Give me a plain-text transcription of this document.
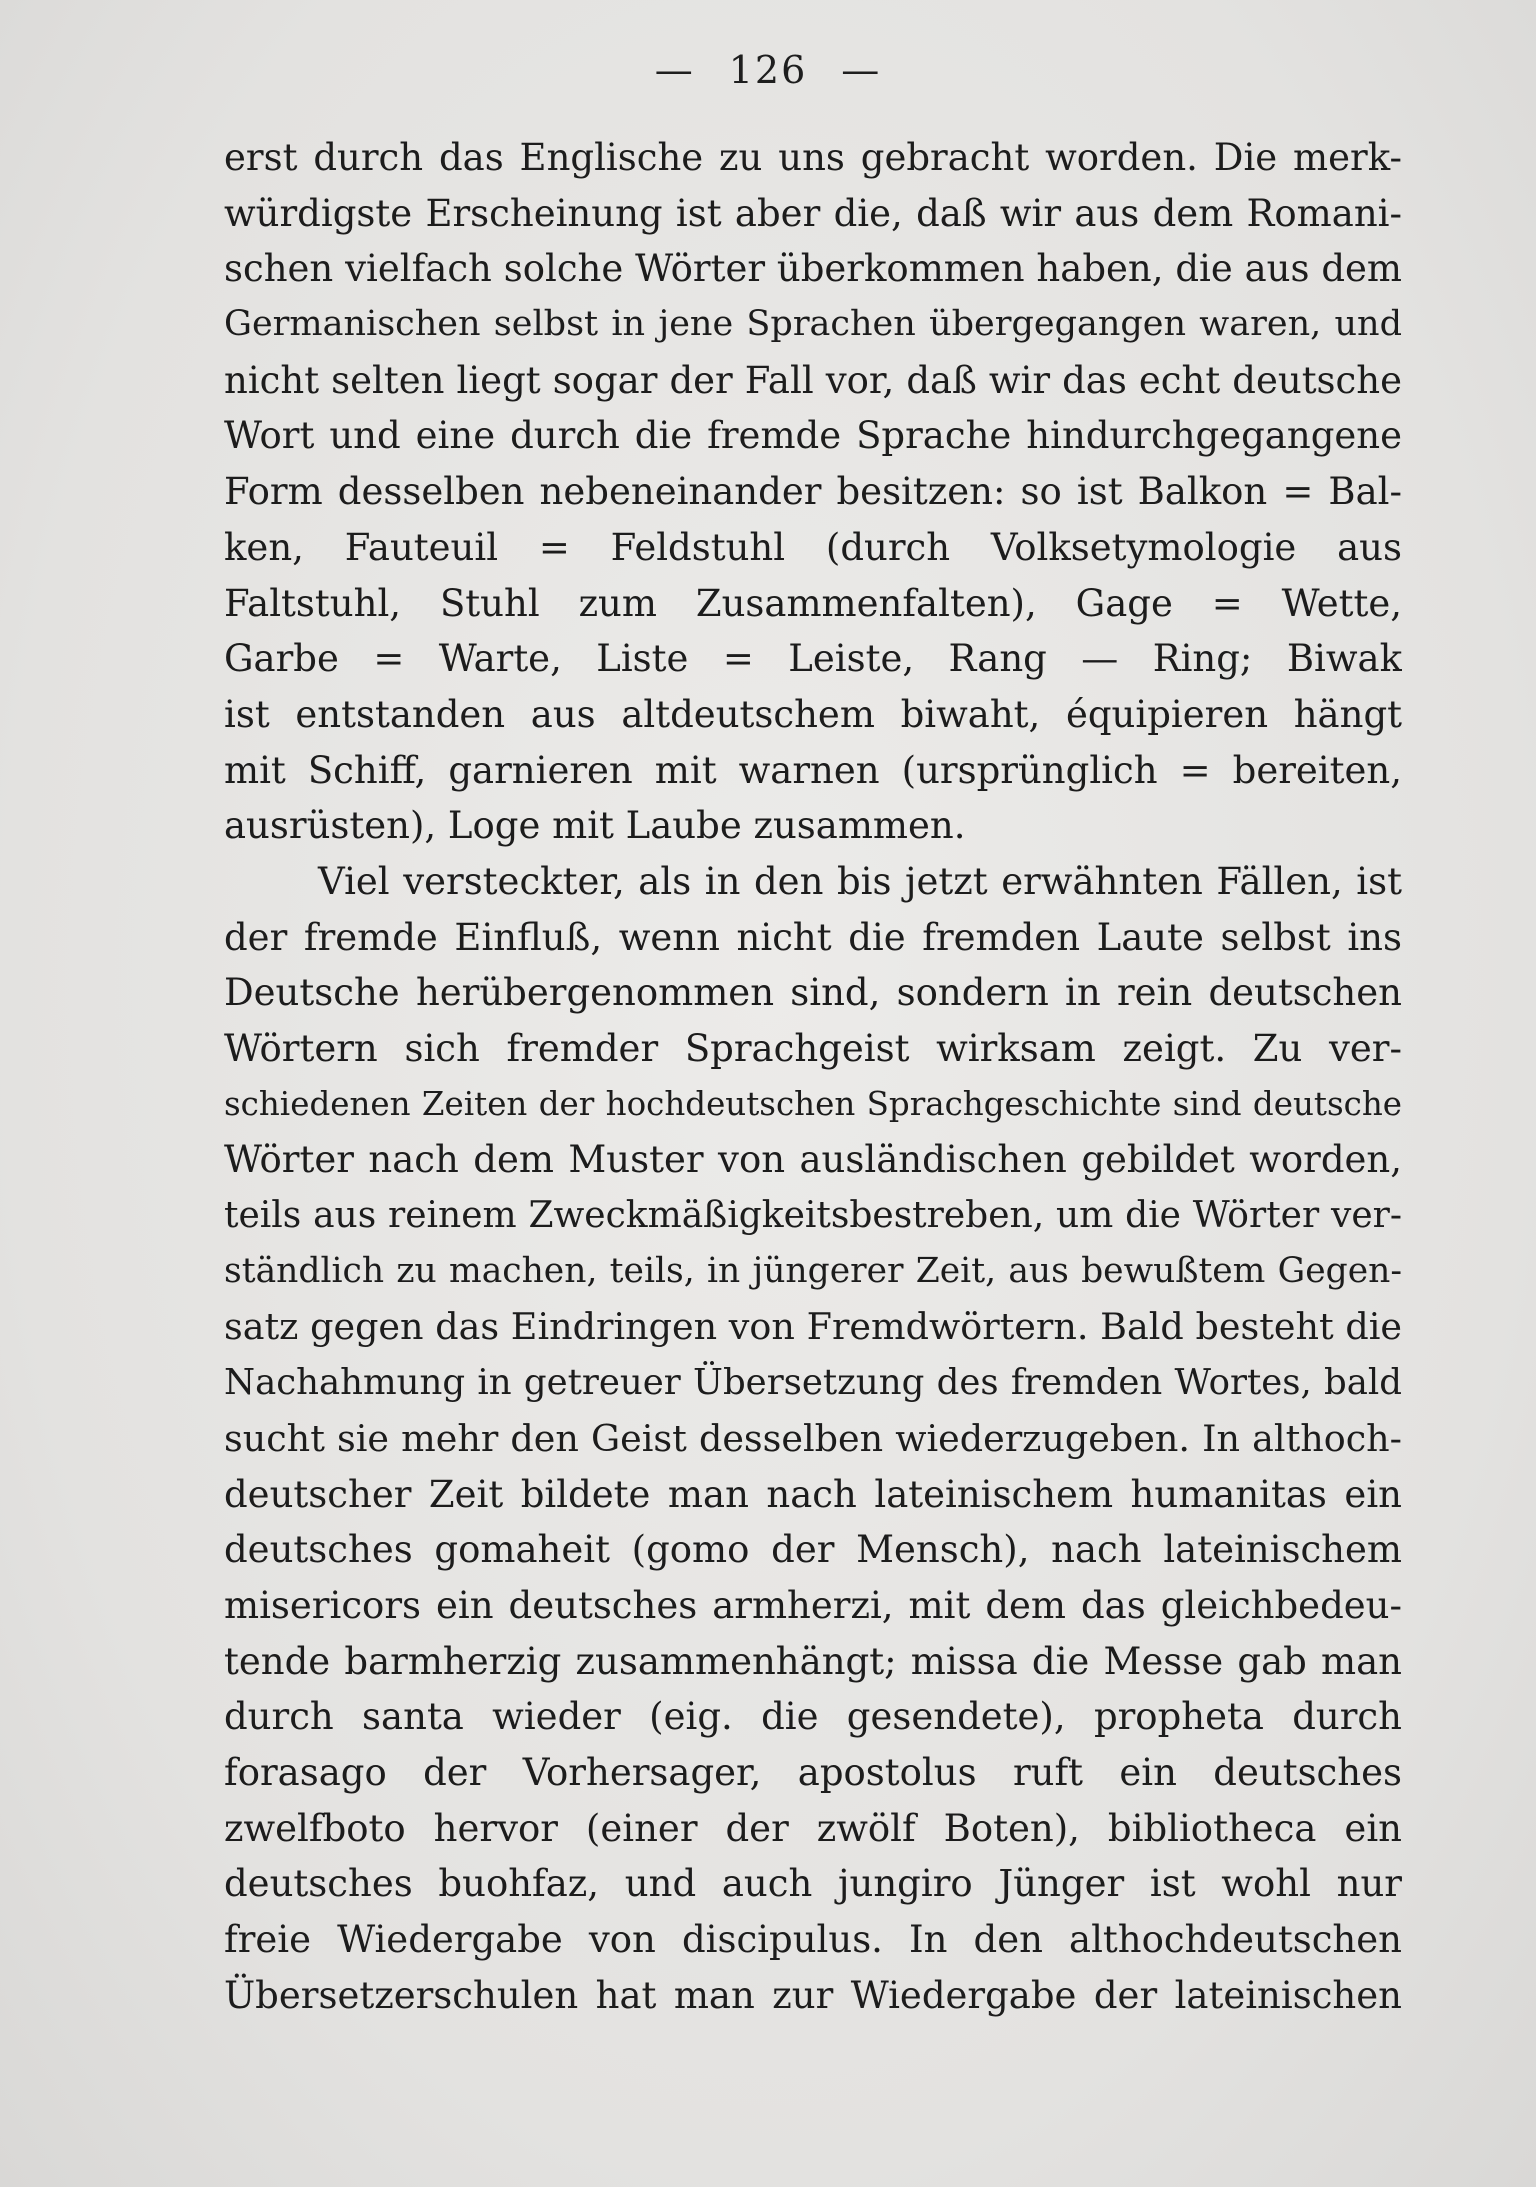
— 126 —
erst durch das Englische zu uns gebracht worden. Die merk-
würdigste Erscheinung ist aber die, daß wir aus dem Romani-
schen vielfach solche Wörter überkommen haben, die aus dem
Germanischen selbst in jene Sprachen übergegangen waren, und
nicht selten liegt sogar der Fall vor, daß wir das echt deutsche
Wort und eine durch die fremde Sprache hindurchgegangene
Form desselben nebeneinander besitzen: so ist Balkon = Bal-
ken, Fauteuil = Feldstuhl (durch Volksetymologie aus
Faltstuhl, Stuhl zum Zusammenfalten), Gage = Wette,
Garbe = Warte, Liste = Leiste, Rang — Ring; Biwak
ist entstanden aus altdeutschem biwaht, équipieren hängt
mit Schiff, garnieren mit warnen (ursprünglich = bereiten,
ausrüsten), Loge mit Laube zusammen.
Viel versteckter, als in den bis jetzt erwähnten Fällen, ist
der fremde Einfluß, wenn nicht die fremden Laute selbst ins
Deutsche herübergenommen sind, sondern in rein deutschen
Wörtern sich fremder Sprachgeist wirksam zeigt. Zu ver-
schiedenen Zeiten der hochdeutschen Sprachgeschichte sind deutsche
Wörter nach dem Muster von ausländischen gebildet worden,
teils aus reinem Zweckmäßigkeitsbestreben, um die Wörter ver-
ständlich zu machen, teils, in jüngerer Zeit, aus bewußtem Gegen-
satz gegen das Eindringen von Fremdwörtern. Bald besteht die
Nachahmung in getreuer Übersetzung des fremden Wortes, bald
sucht sie mehr den Geist desselben wiederzugeben. In althoch-
deutscher Zeit bildete man nach lateinischem humanitas ein
deutsches gomaheit (gomo der Mensch), nach lateinischem
misericors ein deutsches armherzi, mit dem das gleichbedeu-
tende barmherzig zusammenhängt; missa die Messe gab man
durch santa wieder (eig. die gesendete), propheta durch
forasago der Vorhersager, apostolus ruft ein deutsches
zwelfboto hervor (einer der zwölf Boten), bibliotheca ein
deutsches buohfaz, und auch jungiro Jünger ist wohl nur
freie Wiedergabe von discipulus. In den althochdeutschen
Übersetzerschulen hat man zur Wiedergabe der lateinischen
